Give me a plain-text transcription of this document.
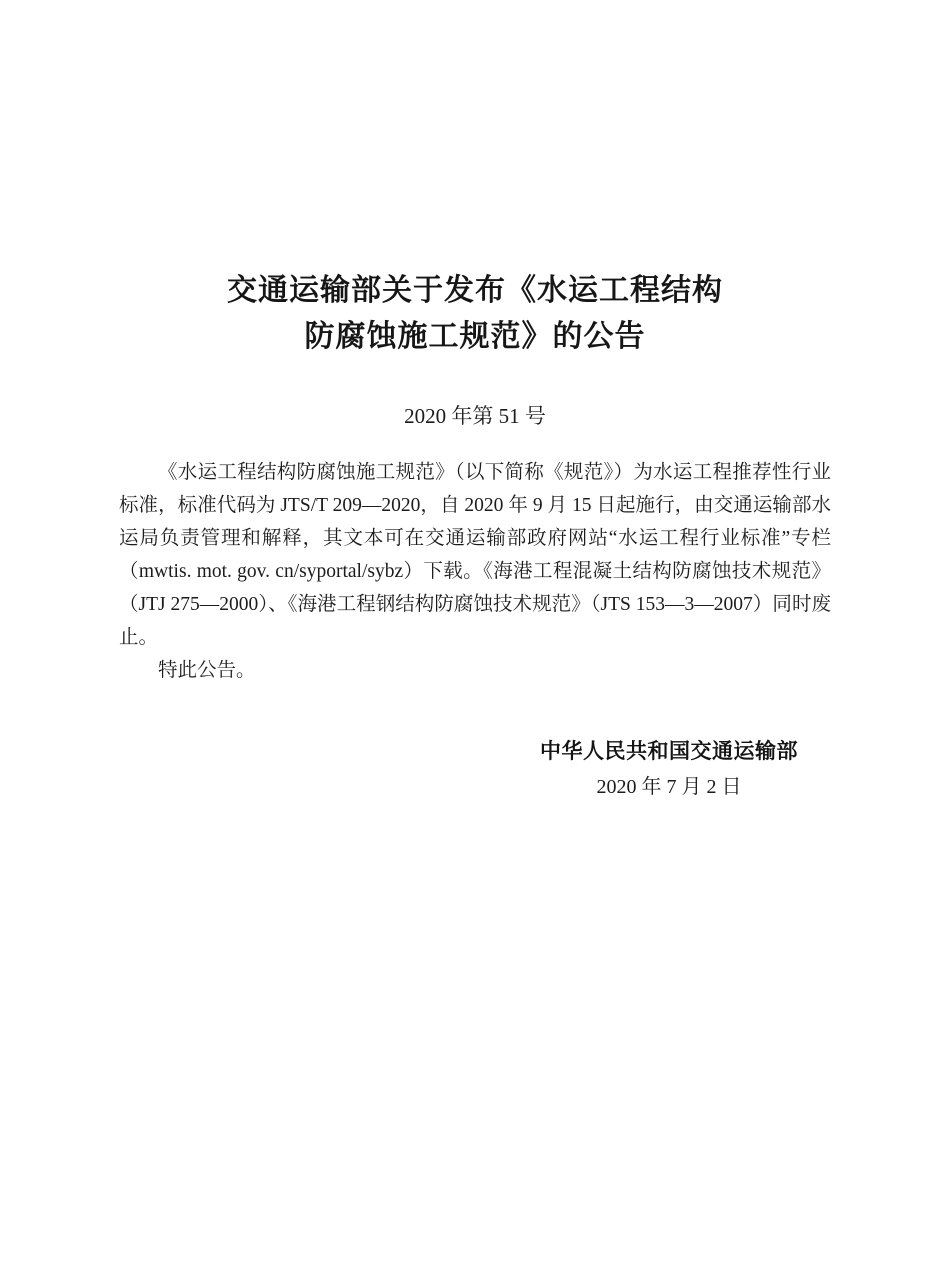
交通运输部关于发布《水运工程结构
防腐蚀施工规范》的公告
2020 年第 51 号

《水运工程结构防腐蚀施工规范》（以下简称《规范》）为水运工程推荐性行业标准，标准代码为 JTS/T 209—2020，自 2020 年 9 月 15 日起施行，由交通运输部水运局负责管理和解释，其文本可在交通运输部政府网站“水运工程行业标准”专栏（mwtis. mot. gov. cn/syportal/sybz）下载。《海港工程混凝土结构防腐蚀技术规范》（JTJ 275—2000）、《海港工程钢结构防腐蚀技术规范》（JTS 153—3—2007）同时废止。

特此公告。
中华人民共和国交通运输部
2020 年 7 月 2 日
